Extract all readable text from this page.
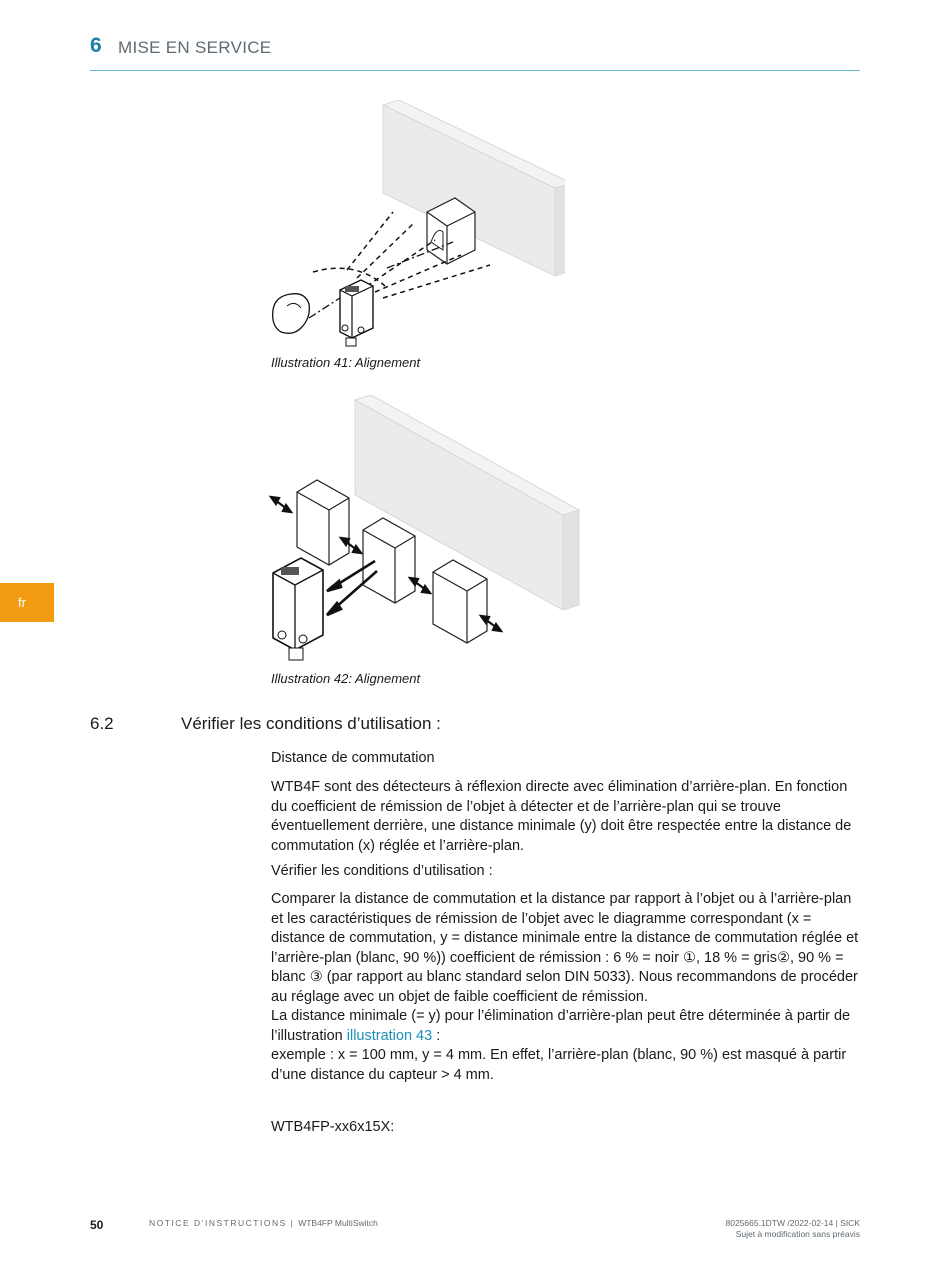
6 MISE EN SERVICE
fr
Illustration 41: Alignement
Illustration 42: Alignement
6.2	Vérifier les conditions d’utilisation :
Distance de commutation

WTB4F sont des détecteurs à réflexion directe avec élimination d’arrière-plan. En fonction du coefficient de rémission de l’objet à détecter et de l’arrière-plan qui se trouve éventuellement derrière, une distance minimale (y) doit être respectée entre la distance de commutation (x) réglée et l’arrière-plan.

Vérifier les conditions d’utilisation :

Comparer la distance de commutation et la distance par rapport à l’objet ou à l’arrière-plan et les caractéristiques de rémission de l’objet avec le diagramme correspondant (x = distance de commutation, y = distance minimale entre la distance de commutation réglée et l’arrière-plan (blanc, 90 %)) coefficient de rémission : 6 % = noir ①, 18 % = gris②, 90 % = blanc ③ (par rapport au blanc standard selon DIN 5033). Nous recommandons de procéder au réglage avec un objet de faible coefficient de rémission.

La distance minimale (= y) pour l’élimination d’arrière-plan peut être déterminée à partir de l’illustration illustration 43 :

exemple : x = 100 mm, y = 4 mm. En effet, l’arrière-plan (blanc, 90 %) est masqué à partir d’une distance du capteur > 4 mm.

WTB4FP-xx6x15X:
50	NOTICE D’INSTRUCTIONS | WTB4FP MultiSwitch	8025665.1DTW /2022-02-14 | SICK
Sujet à modification sans préavis
